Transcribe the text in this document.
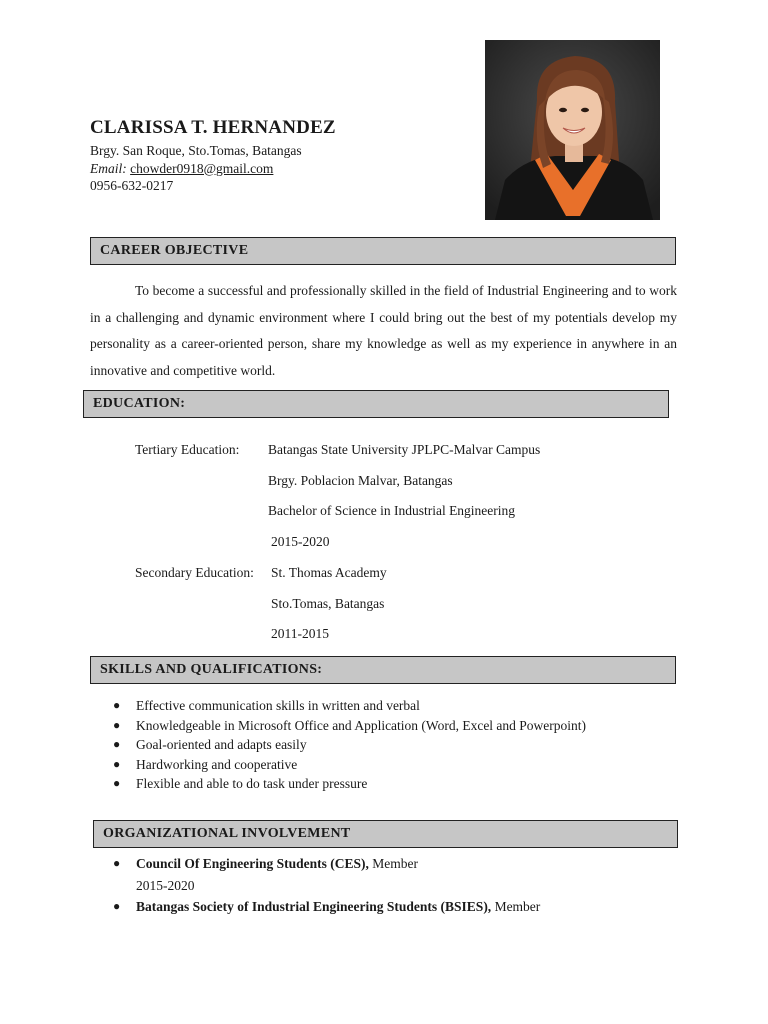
CLARISSA T. HERNANDEZ
Brgy. San Roque, Sto.Tomas, Batangas
Email: chowder0918@gmail.com
0956-632-0217
CAREER OBJECTIVE

To become a successful and professionally skilled in the field of Industrial Engineering and to work in a challenging and dynamic environment where I could bring out the best of my potentials develop my personality as a career-oriented person, share my knowledge as well as my experience in anywhere in an innovative and competitive world.

EDUCATION:
Tertiary Education: Batangas State University JPLPC-Malvar Campus
Brgy. Poblacion Malvar, Batangas
Bachelor of Science in Industrial Engineering
2015-2020
Secondary Education: St. Thomas Academy
Sto.Tomas, Batangas
2011-2015
SKILLS AND QUALIFICATIONS:
● Effective communication skills in written and verbal
● Knowledgeable in Microsoft Office and Application (Word, Excel and Powerpoint)
● Goal-oriented and adapts easily
● Hardworking and cooperative
● Flexible and able to do task under pressure
ORGANIZATIONAL INVOLVEMENT
● Council Of Engineering Students (CES), Member
2015-2020
● Batangas Society of Industrial Engineering Students (BSIES), Member
